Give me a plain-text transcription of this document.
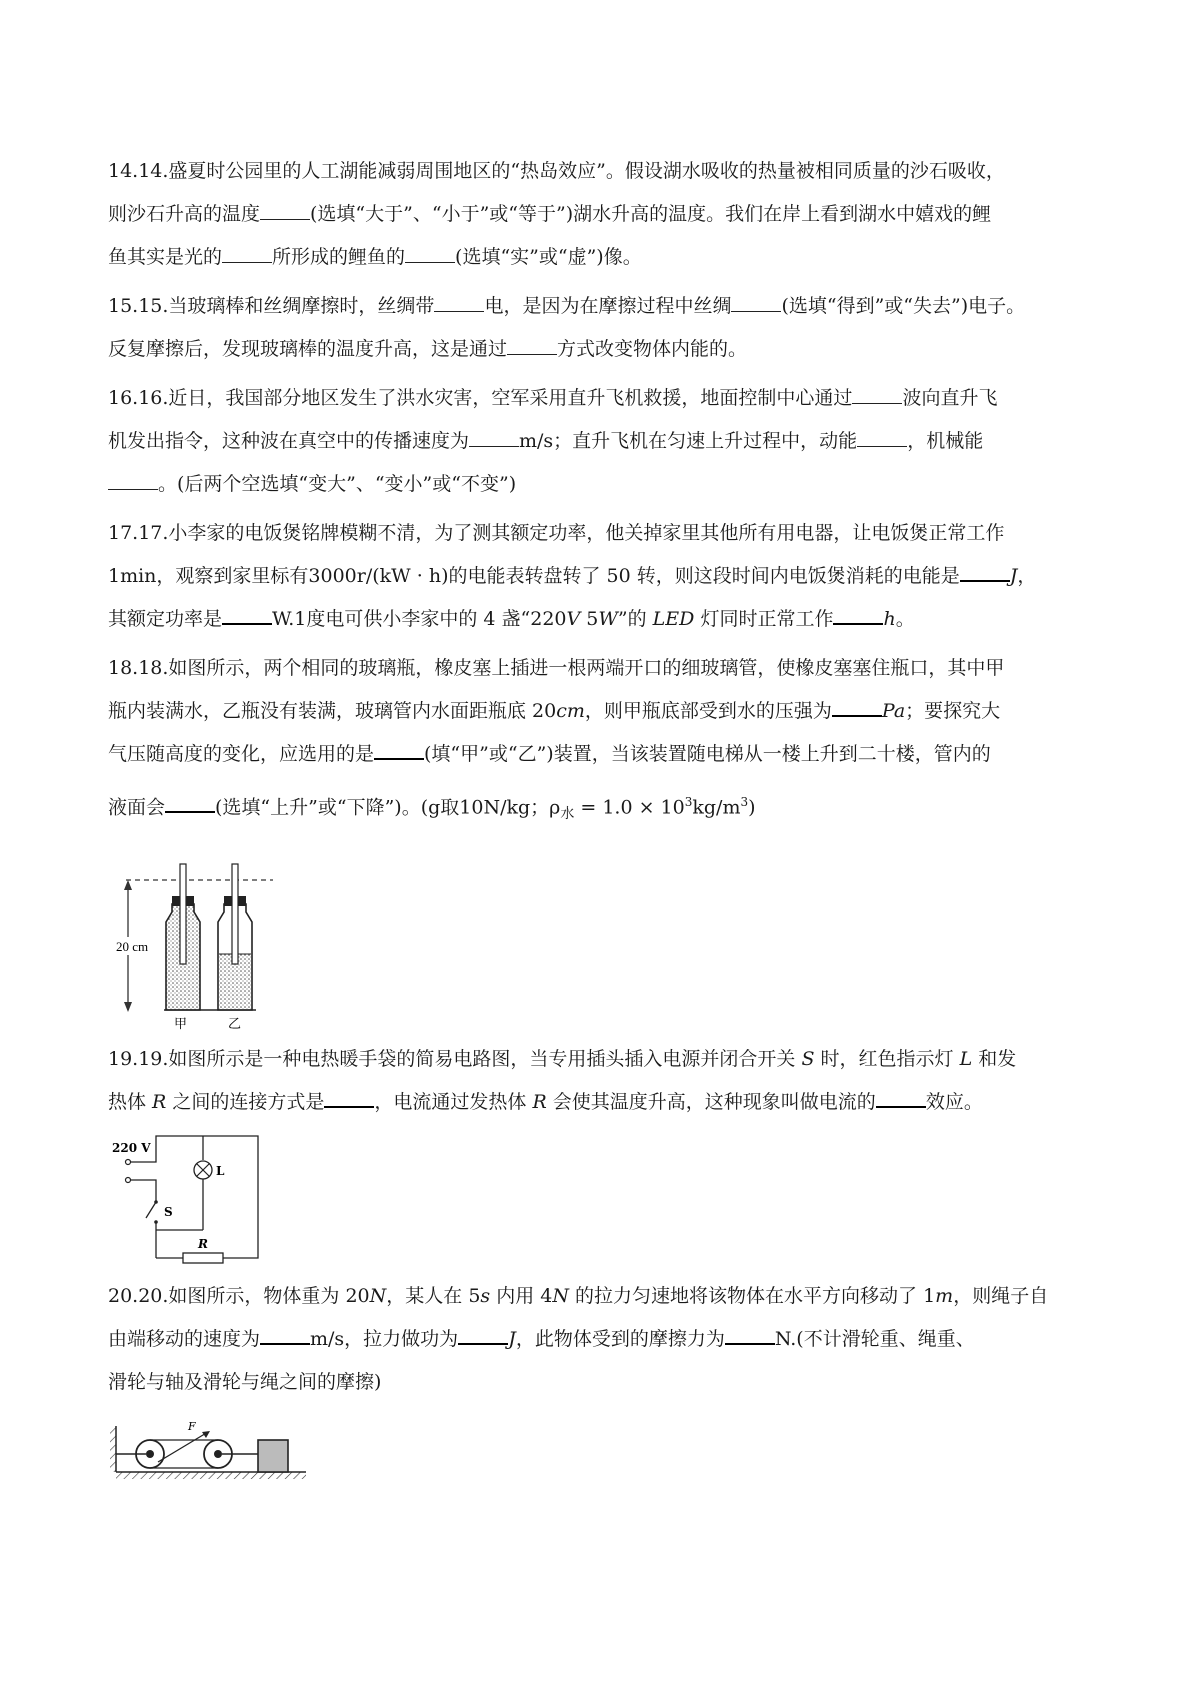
14.14.盛夏时公园里的人工湖能减弱周围地区的“热岛效应”。假设湖水吸收的热量被相同质量的沙石吸收，

则沙石升高的温度	(选填“大于”、“小于”或“等于”)湖水升高的温度。我们在岸上看到湖水中嬉戏的鲤

鱼其实是光的	所形成的鲤鱼的	(选填“实”或“虚”)像。

15.15.当玻璃棒和丝绸摩擦时，丝绸带	电，是因为在摩擦过程中丝绸	(选填“得到”或“失去”)电子。

反复摩擦后，发现玻璃棒的温度升高，这是通过	方式改变物体内能的。

16.16.近日，我国部分地区发生了洪水灾害，空军采用直升飞机救援，地面控制中心通过	波向直升飞

机发出指令，这种波在真空中的传播速度为	m/s；直升飞机在匀速上升过程中，动能	，机械能

。(后两个空选填“变大”、“变小”或“不变”)

17.17.小李家的电饭煲铭牌模糊不清，为了测其额定功率，他关掉家里其他所有用电器，让电饭煲正常工作

1min，观察到家里标有3000r/(kW · h)的电能表转盘转了 50 转，则这段时间内电饭煲消耗的电能是	J，

其额定功率是	W.1度电可供小李家中的 4 盏“220V 5W”的 LED 灯同时正常工作	h。

18.18.如图所示，两个相同的玻璃瓶，橡皮塞上插进一根两端开口的细玻璃管，使橡皮塞塞住瓶口，其中甲

瓶内装满水，乙瓶没有装满，玻璃管内水面距瓶底 20cm，则甲瓶底部受到水的压强为	Pa；要探究大

气压随高度的变化，应选用的是	(填“甲”或“乙”)装置，当该装置随电梯从一楼上升到二十楼，管内的

液面会	(选填“上升”或“下降”)。(g取10N/kg；$\rho_水 = 1.0 \times 10^3kg/m^3$)

20 cm
甲	乙

19.19.如图所示是一种电热暖手袋的简易电路图，当专用插头插入电源并闭合开关 S 时，红色指示灯 L 和发

热体 R 之间的连接方式是	，电流通过发热体 R 会使其温度升高，这种现象叫做电流的	效应。

220 V
L
S
R

20.20.如图所示，物体重为 20N，某人在 5s 内用 4N 的拉力匀速地将该物体在水平方向移动了 1m，则绳子自

由端移动的速度为	m/s，拉力做功为	J，此物体受到的摩擦力为	N.(不计滑轮重、绳重、

滑轮与轴及滑轮与绳之间的摩擦)

F
